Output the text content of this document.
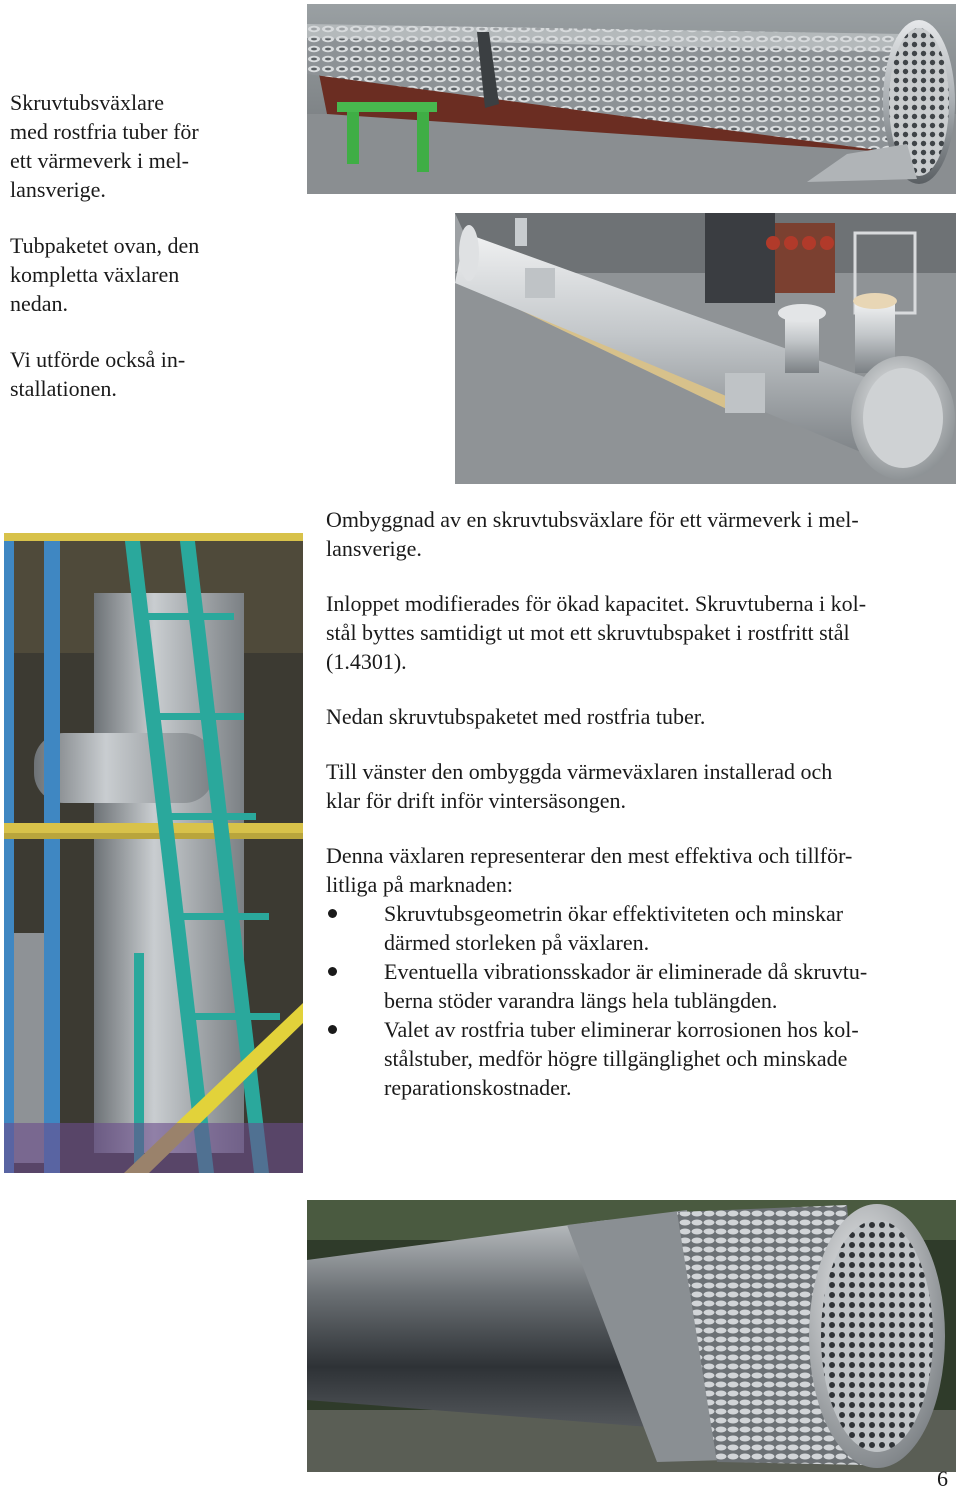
Skruvtubsväxlare
med rostfria tuber för
ett värmeverk i mel-
lansverige.
Tubpaketet ovan, den
kompletta växlaren
nedan.
Vi utförde också in-
stallationen.
Ombyggnad av en skruvtubsväxlare för ett värmeverk i mel-
lansverige.
Inloppet modifierades för ökad kapacitet. Skruvtuberna i kol-
stål byttes samtidigt ut mot ett skruvtubspaket i rostfritt stål
(1.4301).
Nedan skruvtubspaketet med rostfria tuber.
Till vänster den ombyggda värmeväxlaren installerad och
klar för drift inför vintersäsongen.
Denna växlaren representerar den mest effektiva och tillför-
litliga på marknaden:
Skruvtubsgeometrin ökar effektiviteten och minskar
därmed storleken på växlaren.
Eventuella vibrationsskador är eliminerade då skruvtu-
berna stöder varandra längs hela tublängden.
Valet av rostfria tuber eliminerar korrosionen hos kol-
stålstuber, medför högre tillgänglighet och minskade
reparationskostnader.
6
